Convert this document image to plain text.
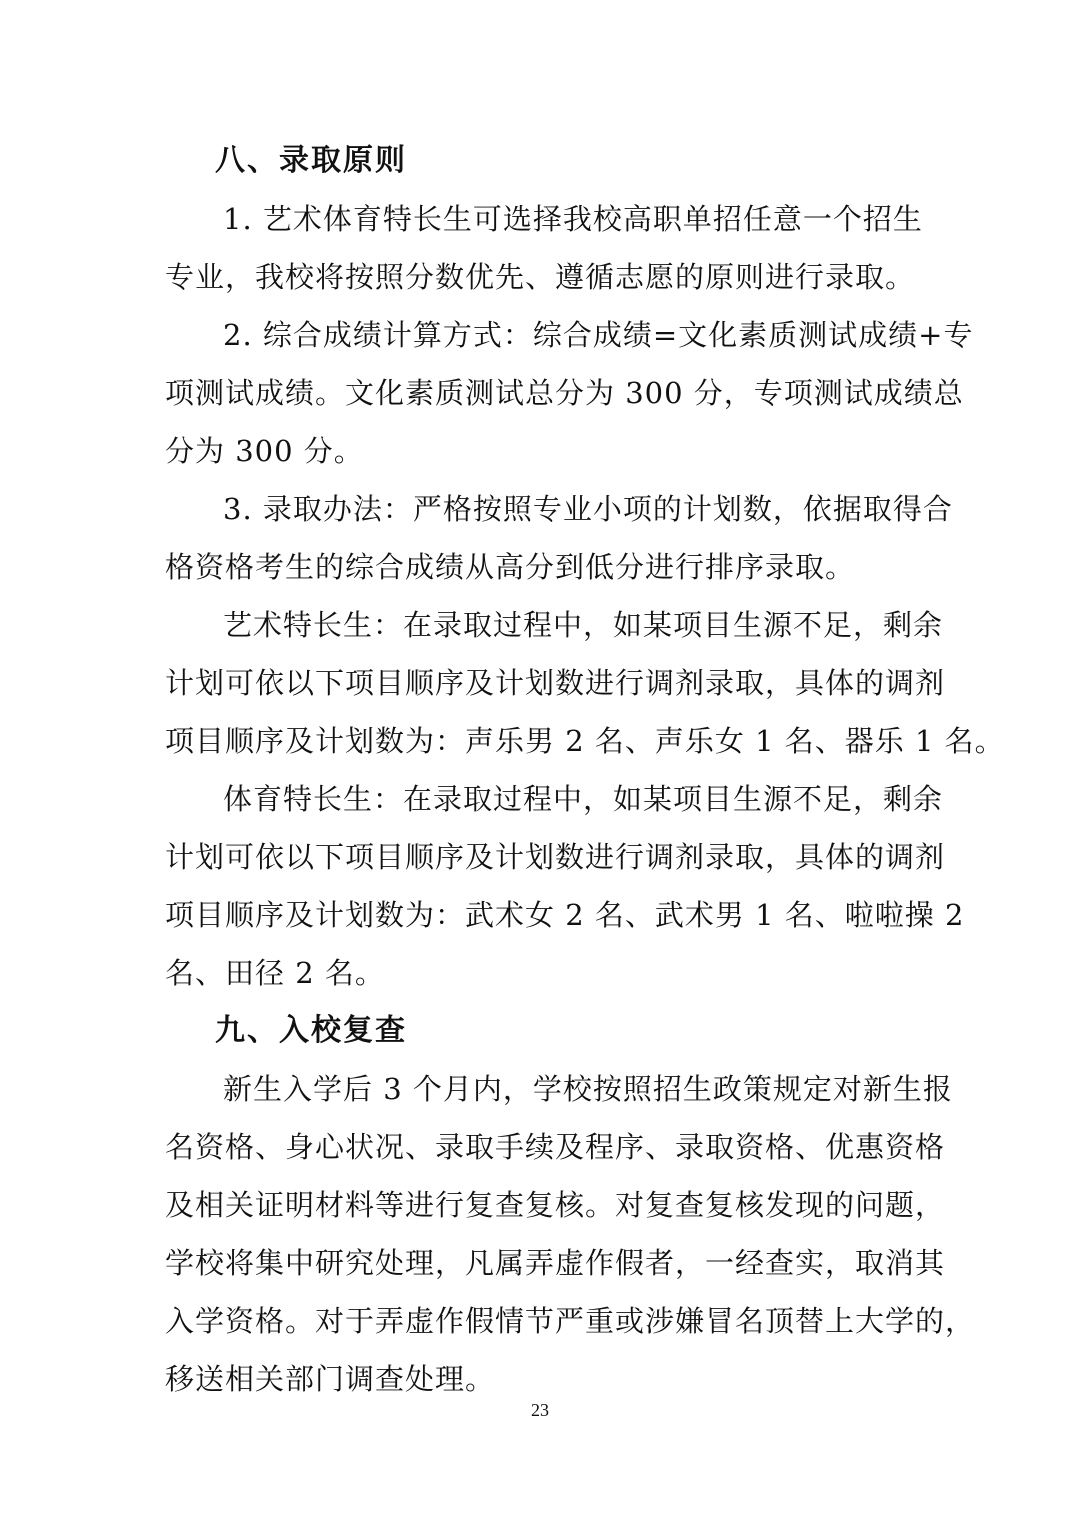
八、录取原则

1. 艺术体育特长生可选择我校高职单招任意一个招生
专业，我校将按照分数优先、遵循志愿的原则进行录取。

2. 综合成绩计算方式：综合成绩=文化素质测试成绩+专
项测试成绩。文化素质测试总分为 300 分，专项测试成绩总
分为 300 分。

3. 录取办法：严格按照专业小项的计划数，依据取得合
格资格考生的综合成绩从高分到低分进行排序录取。

艺术特长生：在录取过程中，如某项目生源不足，剩余
计划可依以下项目顺序及计划数进行调剂录取，具体的调剂
项目顺序及计划数为：声乐男 2 名、声乐女 1 名、器乐 1 名。

体育特长生：在录取过程中，如某项目生源不足，剩余
计划可依以下项目顺序及计划数进行调剂录取，具体的调剂
项目顺序及计划数为：武术女 2 名、武术男 1 名、啦啦操 2
名、田径 2 名。

九、入校复查

新生入学后 3 个月内，学校按照招生政策规定对新生报
名资格、身心状况、录取手续及程序、录取资格、优惠资格
及相关证明材料等进行复查复核。对复查复核发现的问题，
学校将集中研究处理，凡属弄虚作假者，一经查实，取消其
入学资格。对于弄虚作假情节严重或涉嫌冒名顶替上大学的，
移送相关部门调查处理。

23
